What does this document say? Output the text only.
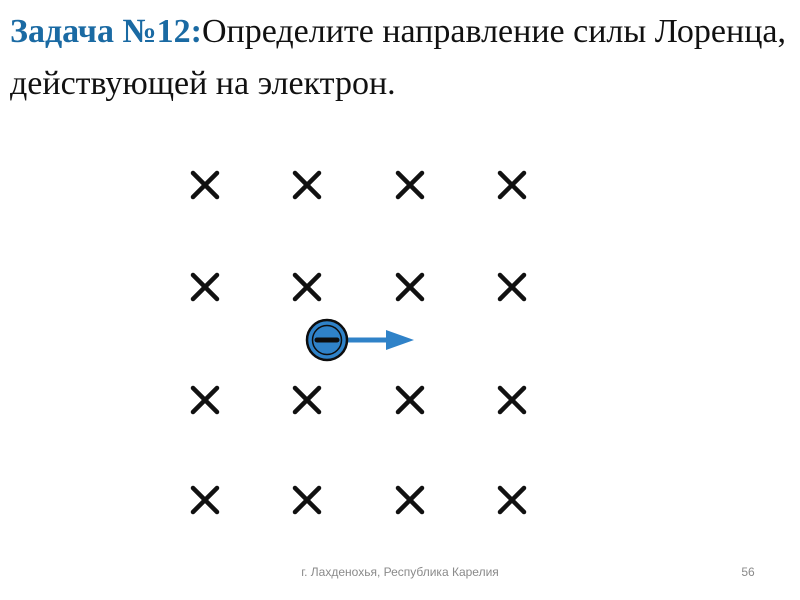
Задача №12:Определите направление силы Лоренца, действующей на электрон.

г. Лахденохья, Республика Карелия	56
